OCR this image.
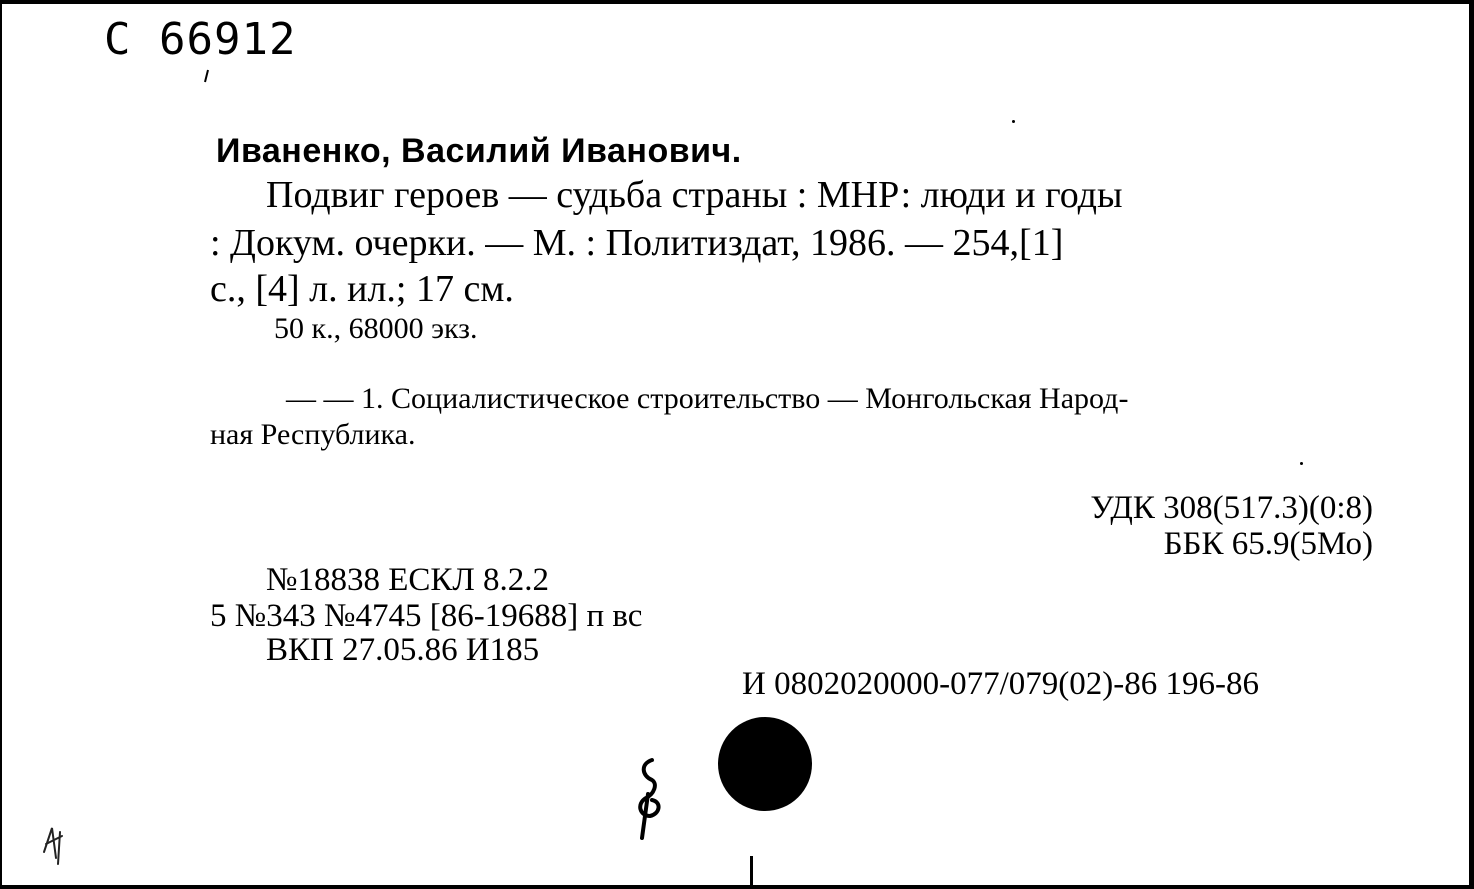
С 66912
Иваненко, Василий Иванович.
Подвиг героев — судьба страны : МНР: люди и годы
: Докум. очерки. — М. : Политиздат, 1986. — 254,[1]
с., [4] л. ил.; 17 см.
50 к., 68000 экз.
— — 1. Социалистическое строительство — Монгольская Народ-
ная Республика.
УДК 308(517.3)(0:8)
ББК 65.9(5Мо)
№18838 ЕСКЛ 8.2.2
5 №343 №4745 [86-19688] п вс
ВКП 27.05.86 И185
И 0802020000-077/079(02)-86 196-86
